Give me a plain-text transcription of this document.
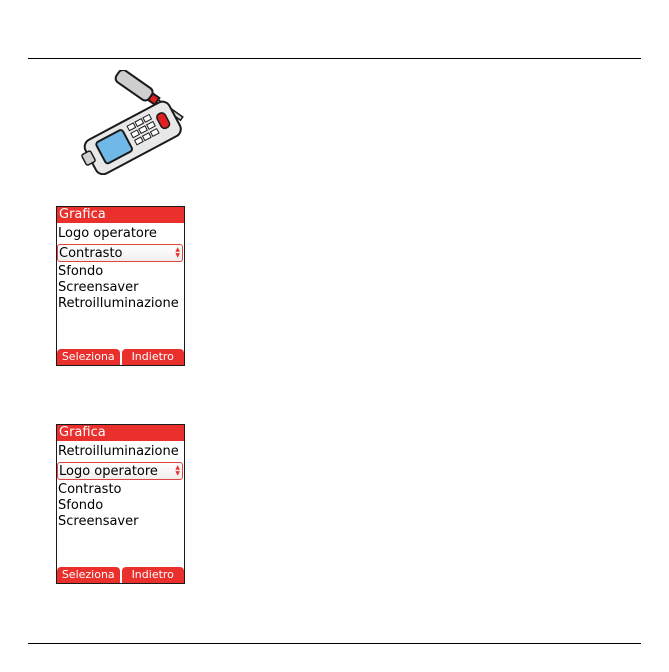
Grafica
Logo operatore
Contrasto	▲
▼
Sfondo
Screensaver
Retroilluminazione
Seleziona	Indietro
Grafica
Retroilluminazione
Logo operatore	▲
▼
Contrasto
Sfondo
Screensaver
Seleziona	Indietro
